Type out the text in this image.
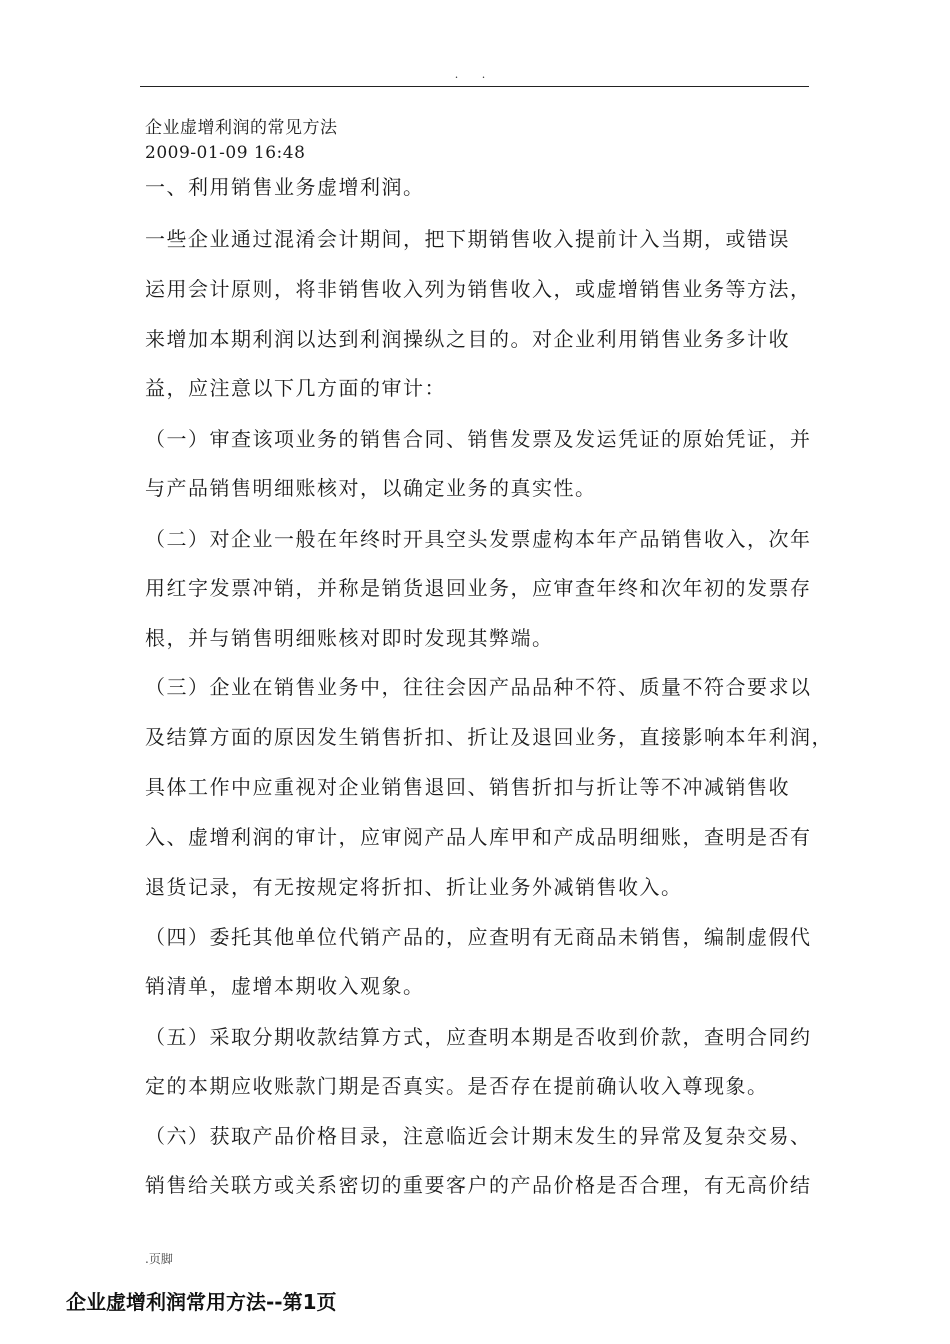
. .
企业虚增利润的常见方法
2009-01-09 16:48
一、利用销售业务虚增利润。
一些企业通过混淆会计期间，把下期销售收入提前计入当期，或错误
运用会计原则，将非销售收入列为销售收入，或虚增销售业务等方法，
来增加本期利润以达到利润操纵之目的。对企业利用销售业务多计收
益，应注意以下几方面的审计：
（一）审查该项业务的销售合同、销售发票及发运凭证的原始凭证，并
与产品销售明细账核对，以确定业务的真实性。
（二）对企业一般在年终时开具空头发票虚构本年产品销售收入，次年
用红字发票冲销，并称是销货退回业务，应审查年终和次年初的发票存
根，并与销售明细账核对即时发现其弊端。
（三）企业在销售业务中，往往会因产品品种不符、质量不符合要求以
及结算方面的原因发生销售折扣、折让及退回业务，直接影响本年利润，
具体工作中应重视对企业销售退回、销售折扣与折让等不冲减销售收
入、虚增利润的审计，应审阅产品人库甲和产成品明细账，查明是否有
退货记录，有无按规定将折扣、折让业务外减销售收入。
（四）委托其他单位代销产品的，应查明有无商品未销售，编制虚假代
销清单，虚增本期收入观象。
（五）采取分期收款结算方式，应查明本期是否收到价款，查明合同约
定的本期应收账款门期是否真实。是否存在提前确认收入尊现象。
（六）获取产品价格目录，注意临近会计期末发生的异常及复杂交易、
销售给关联方或关系密切的重要客户的产品价格是否合理，有无高价结
.页脚
企业虚增利润常用方法--第1页
